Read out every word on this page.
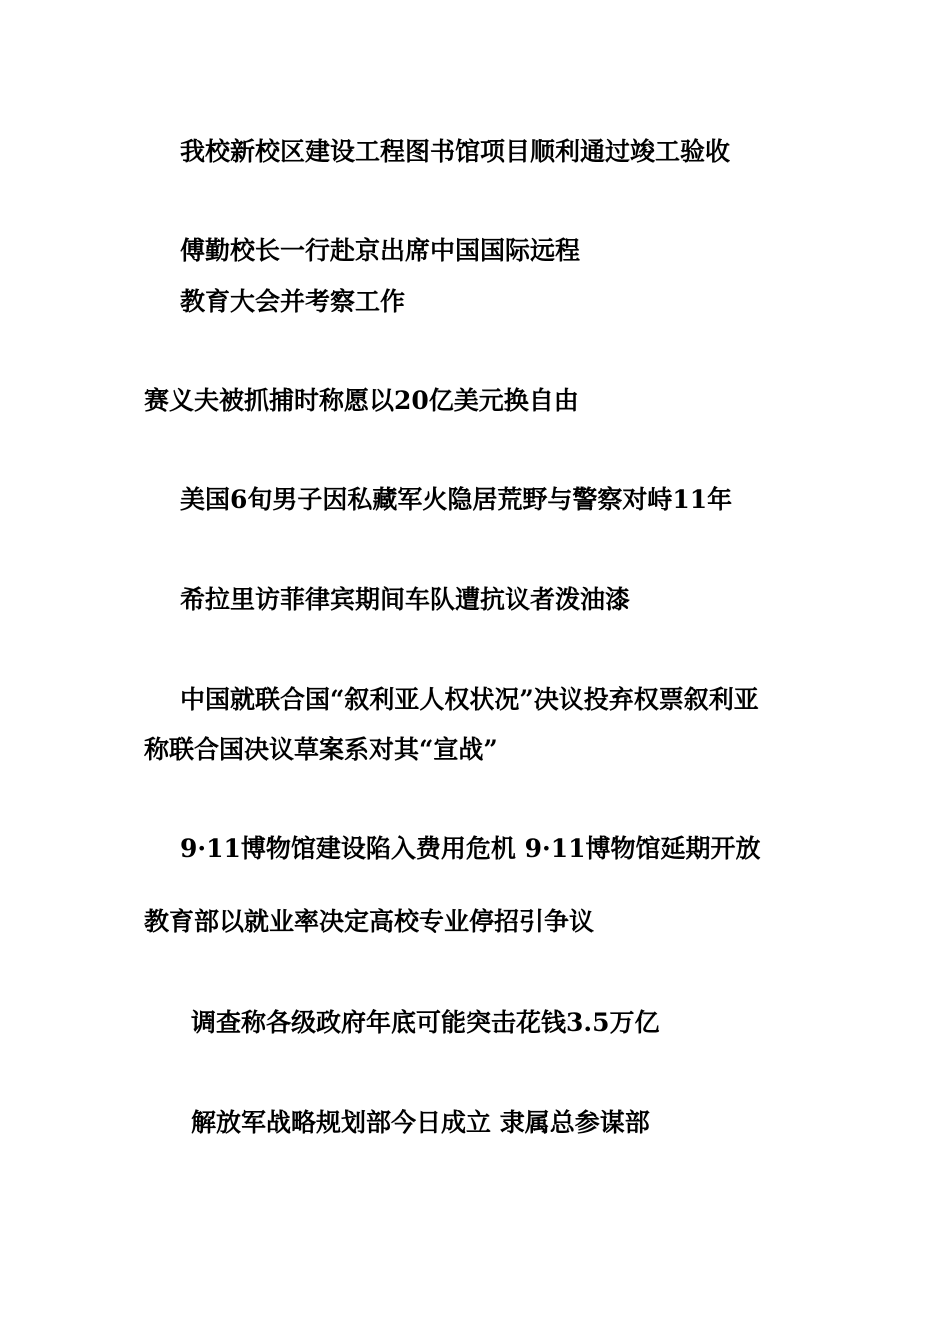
我校新校区建设工程图书馆项目顺利通过竣工验收
傅勤校长一行赴京出席中国国际远程
教育大会并考察工作
赛义夫被抓捕时称愿以20亿美元换自由
美国6旬男子因私藏军火隐居荒野与警察对峙11年
希拉里访菲律宾期间车队遭抗议者泼油漆
中国就联合国“叙利亚人权状况”决议投弃权票叙利亚
称联合国决议草案系对其“宣战”
9·11博物馆建设陷入费用危机 9·11博物馆延期开放
教育部以就业率决定高校专业停招引争议
调查称各级政府年底可能突击花钱3.5万亿
解放军战略规划部今日成立 隶属总参谋部
